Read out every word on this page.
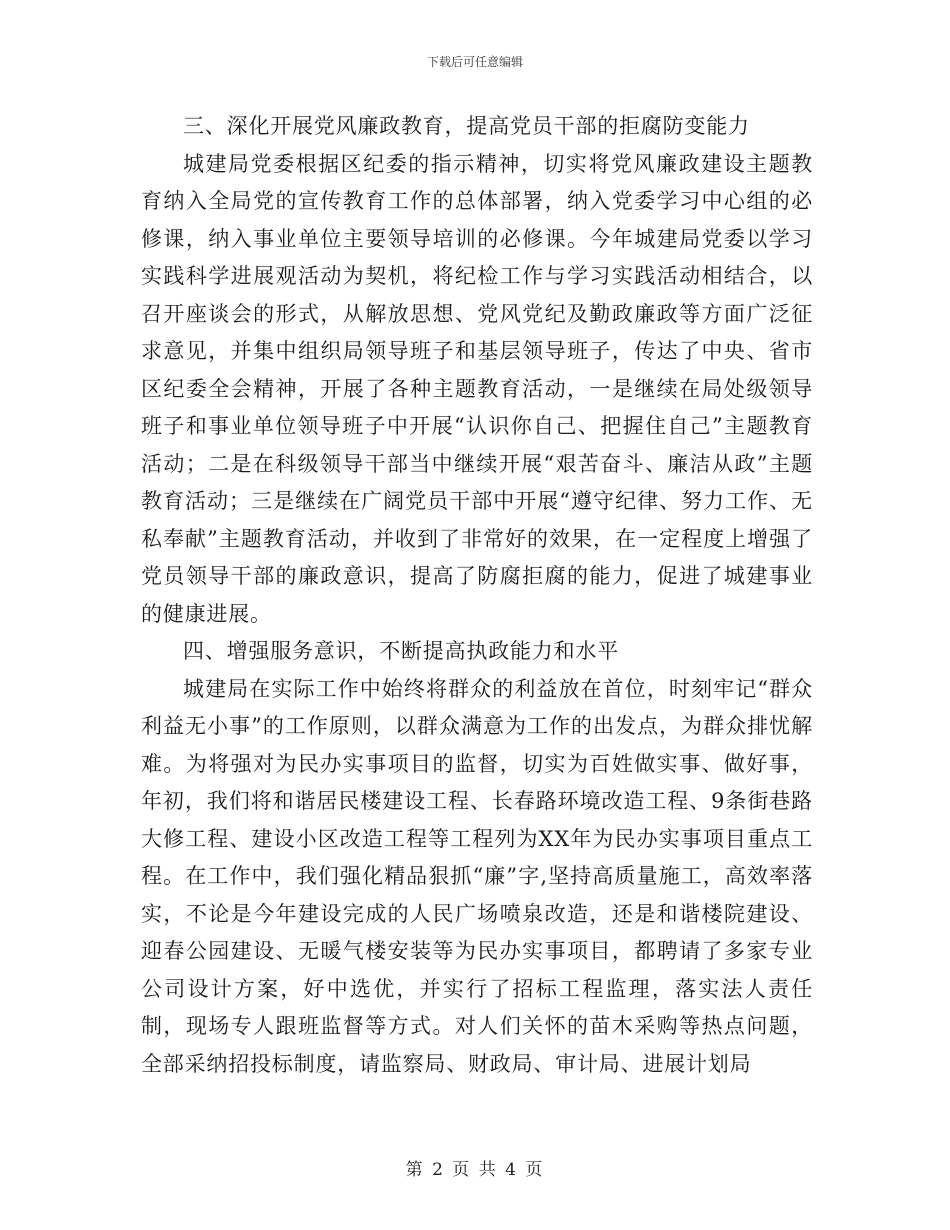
下载后可任意编辑

三、深化开展党风廉政教育，提高党员干部的拒腐防变能力

城建局党委根据区纪委的指示精神，切实将党风廉政建设主题教育纳入全局党的宣传教育工作的总体部署，纳入党委学习中心组的必修课，纳入事业单位主要领导培训的必修课。今年城建局党委以学习实践科学进展观活动为契机，将纪检工作与学习实践活动相结合，以召开座谈会的形式，从解放思想、党风党纪及勤政廉政等方面广泛征求意见，并集中组织局领导班子和基层领导班子，传达了中央、省市区纪委全会精神，开展了各种主题教育活动，一是继续在局处级领导班子和事业单位领导班子中开展“认识你自己、把握住自己”主题教育活动；二是在科级领导干部当中继续开展“艰苦奋斗、廉洁从政”主题教育活动；三是继续在广阔党员干部中开展“遵守纪律、努力工作、无私奉献”主题教育活动，并收到了非常好的效果，在一定程度上增强了党员领导干部的廉政意识，提高了防腐拒腐的能力，促进了城建事业的健康进展。

四、增强服务意识，不断提高执政能力和水平

城建局在实际工作中始终将群众的利益放在首位，时刻牢记“群众利益无小事”的工作原则，以群众满意为工作的出发点，为群众排忧解难。为将强对为民办实事项目的监督，切实为百姓做实事、做好事，年初，我们将和谐居民楼建设工程、长春路环境改造工程、9条街巷路大修工程、建设小区改造工程等工程列为XX年为民办实事项目重点工程。在工作中，我们强化精品狠抓“廉”字,坚持高质量施工，高效率落实，不论是今年建设完成的人民广场喷泉改造，还是和谐楼院建设、迎春公园建设、无暖气楼安装等为民办实事项目，都聘请了多家专业公司设计方案，好中选优，并实行了招标工程监理，落实法人责任制，现场专人跟班监督等方式。对人们关怀的苗木采购等热点问题，全部采纳招投标制度，请监察局、财政局、审计局、进展计划局

第 2 页 共 4 页
